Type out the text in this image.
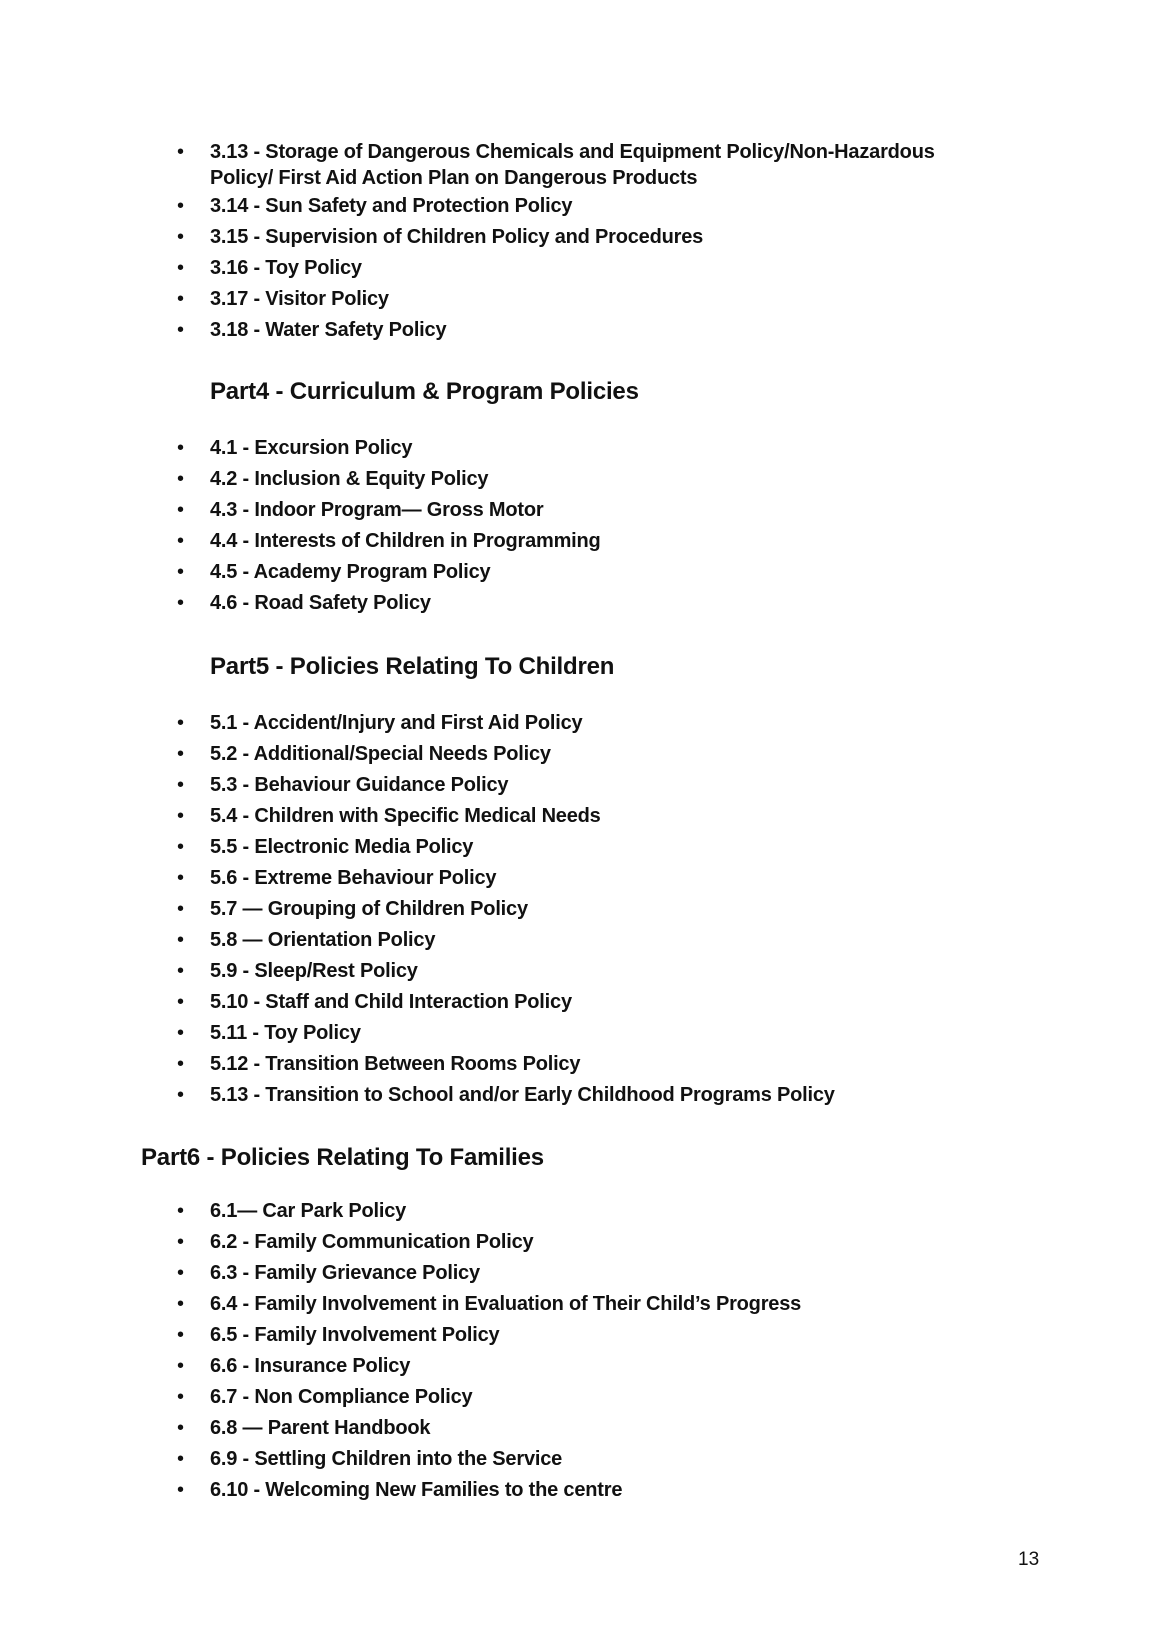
•	3.13 - Storage of Dangerous Chemicals and Equipment Policy/Non-Hazardous Policy/ First Aid Action Plan on Dangerous Products
•	3.14 - Sun Safety and Protection Policy
•	3.15 - Supervision of Children Policy and Procedures
•	3.16 - Toy Policy
•	3.17 - Visitor Policy
•	3.18 - Water Safety Policy
Part4 - Curriculum & Program Policies
•	4.1 - Excursion Policy
•	4.2 - Inclusion & Equity Policy
•	4.3 - Indoor Program— Gross Motor
•	4.4 - Interests of Children in Programming
•	4.5 - Academy Program Policy
•	4.6 - Road Safety Policy
Part5 - Policies Relating To Children
•	5.1 - Accident/Injury and First Aid Policy
•	5.2 - Additional/Special Needs Policy
•	5.3 - Behaviour Guidance Policy
•	5.4 - Children with Specific Medical Needs
•	5.5 - Electronic Media Policy
•	5.6 - Extreme Behaviour Policy
•	5.7 — Grouping of Children Policy
•	5.8 — Orientation Policy
•	5.9 - Sleep/Rest Policy
•	5.10 - Staff and Child Interaction Policy
•	5.11 - Toy Policy
•	5.12 - Transition Between Rooms Policy
•	5.13 - Transition to School and/or Early Childhood Programs Policy
Part6 - Policies Relating To Families
•	6.1— Car Park Policy
•	6.2 - Family Communication Policy
•	6.3 - Family Grievance Policy
•	6.4 - Family Involvement in Evaluation of Their Child’s Progress
•	6.5 - Family Involvement Policy
•	6.6 - Insurance Policy
•	6.7 - Non Compliance Policy
•	6.8 — Parent Handbook
•	6.9 - Settling Children into the Service
•	6.10 - Welcoming New Families to the centre
13
